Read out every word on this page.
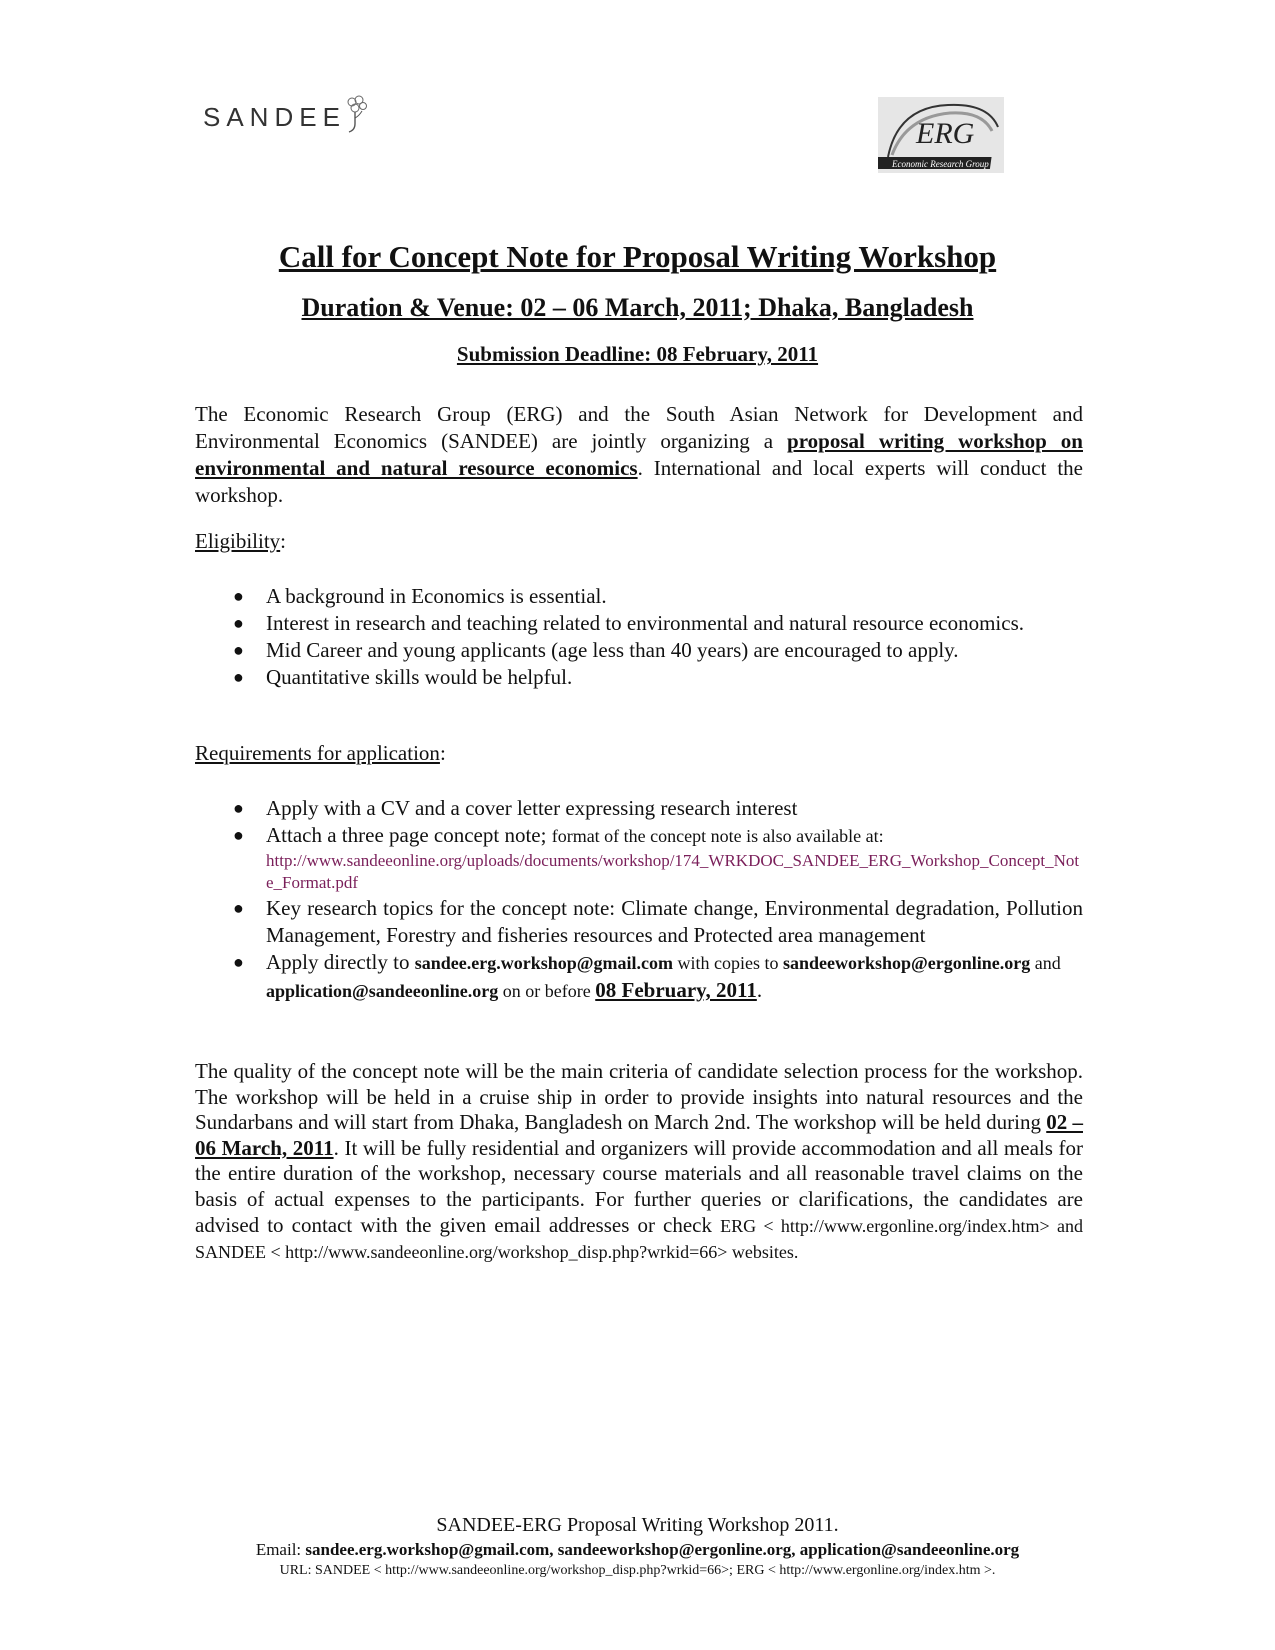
SANDEE	ERG
Economic Research Group
Call for Concept Note for Proposal Writing Workshop
Duration & Venue: 02 – 06 March, 2011; Dhaka, Bangladesh
Submission Deadline: 08 February, 2011

The Economic Research Group (ERG) and the South Asian Network for Development and Environmental Economics (SANDEE) are jointly organizing a proposal writing workshop on environmental and natural resource economics. International and local experts will conduct the workshop.

Eligibility:
● A background in Economics is essential.
● Interest in research and teaching related to environmental and natural resource economics.
● Mid Career and young applicants (age less than 40 years) are encouraged to apply.
● Quantitative skills would be helpful.
Requirements for application:
● Apply with a CV and a cover letter expressing research interest
● Attach a three page concept note; format of the concept note is also available at:
http://www.sandeeonline.org/uploads/documents/workshop/174_WRKDOC_SANDEE_ERG_Workshop_Concept_Note_Format.pdf
● Key research topics for the concept note: Climate change, Environmental degradation, Pollution Management, Forestry and fisheries resources and Protected area management
● Apply directly to sandee.erg.workshop@gmail.com with copies to sandeeworkshop@ergonline.org and application@sandeeonline.org on or before 08 February, 2011.

The quality of the concept note will be the main criteria of candidate selection process for the workshop. The workshop will be held in a cruise ship in order to provide insights into natural resources and the Sundarbans and will start from Dhaka, Bangladesh on March 2nd. The workshop will be held during 02 – 06 March, 2011. It will be fully residential and organizers will provide accommodation and all meals for the entire duration of the workshop, necessary course materials and all reasonable travel claims on the basis of actual expenses to the participants. For further queries or clarifications, the candidates are advised to contact with the given email addresses or check ERG < http://www.ergonline.org/index.htm> and SANDEE < http://www.sandeeonline.org/workshop_disp.php?wrkid=66> websites.

SANDEE-ERG Proposal Writing Workshop 2011.
Email: sandee.erg.workshop@gmail.com, sandeeworkshop@ergonline.org, application@sandeeonline.org
URL: SANDEE < http://www.sandeeonline.org/workshop_disp.php?wrkid=66>; ERG < http://www.ergonline.org/index.htm >.
